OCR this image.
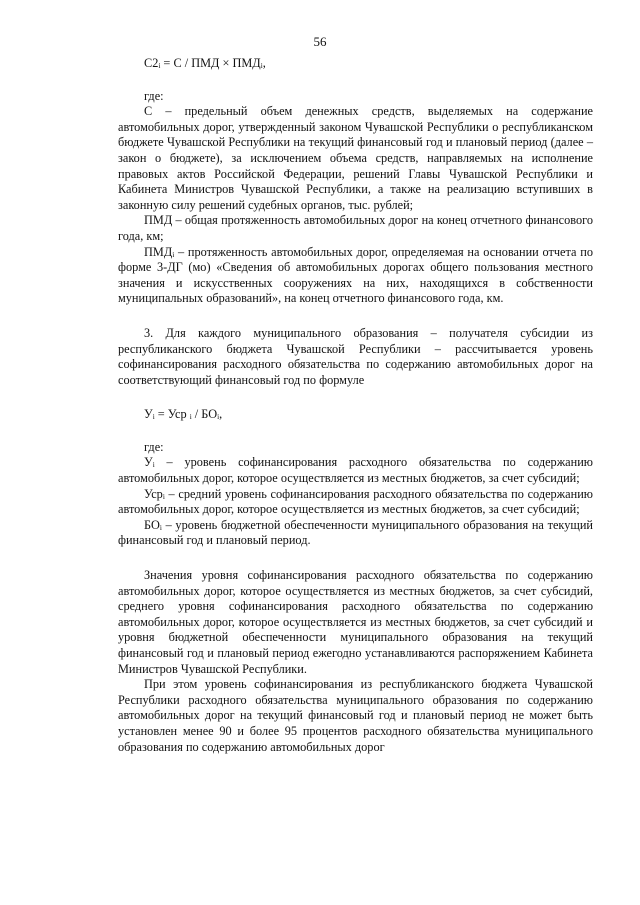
56

C2ᵢ = С / ПМД × ПМДᵢ,

где:

С – предельный объем денежных средств, выделяемых на содержание автомобильных дорог, утвержденный законом Чувашской Республики о республиканском бюджете Чувашской Республики на текущий финансовый год и плановый период (далее – закон о бюджете), за исключением объема средств, направляемых на исполнение правовых актов Российской Федерации, решений Главы Чувашской Республики и Кабинета Министров Чувашской Республики, а также на реализацию вступивших в законную силу решений судебных органов, тыс. рублей;

ПМД – общая протяженность автомобильных дорог на конец отчетного финансового года, км;

ПМДᵢ – протяженность автомобильных дорог, определяемая на основании отчета по форме 3-ДГ (мо) «Сведения об автомобильных дорогах общего пользования местного значения и искусственных сооружениях на них, находящихся в собственности муниципальных образований», на конец отчетного финансового года, км.

3. Для каждого муниципального образования – получателя субсидии из республиканского бюджета Чувашской Республики – рассчитывается уровень софинансирования расходного обязательства по содержанию автомобильных дорог на соответствующий финансовый год по формуле

Уᵢ = Уср ᵢ / БОᵢ,

где:

Уᵢ – уровень софинансирования расходного обязательства по содержанию автомобильных дорог, которое осуществляется из местных бюджетов, за счет субсидий;

Усрᵢ – средний уровень софинансирования расходного обязательства по содержанию автомобильных дорог, которое осуществляется из местных бюджетов, за счет субсидий;

БОᵢ – уровень бюджетной обеспеченности муниципального образования на текущий финансовый год и плановый период.

Значения уровня софинансирования расходного обязательства по содержанию автомобильных дорог, которое осуществляется из местных бюджетов, за счет субсидий, среднего уровня софинансирования расходного обязательства по содержанию автомобильных дорог, которое осуществляется из местных бюджетов, за счет субсидий и уровня бюджетной обеспеченности муниципального образования на текущий финансовый год и плановый период ежегодно устанавливаются распоряжением Кабинета Министров Чувашской Республики.

При этом уровень софинансирования из республиканского бюджета Чувашской Республики расходного обязательства муниципального образования по содержанию автомобильных дорог на текущий финансовый год и плановый период не может быть установлен менее 90 и более 95 процентов расходного обязательства муниципального образования по содержанию автомобильных дорог
